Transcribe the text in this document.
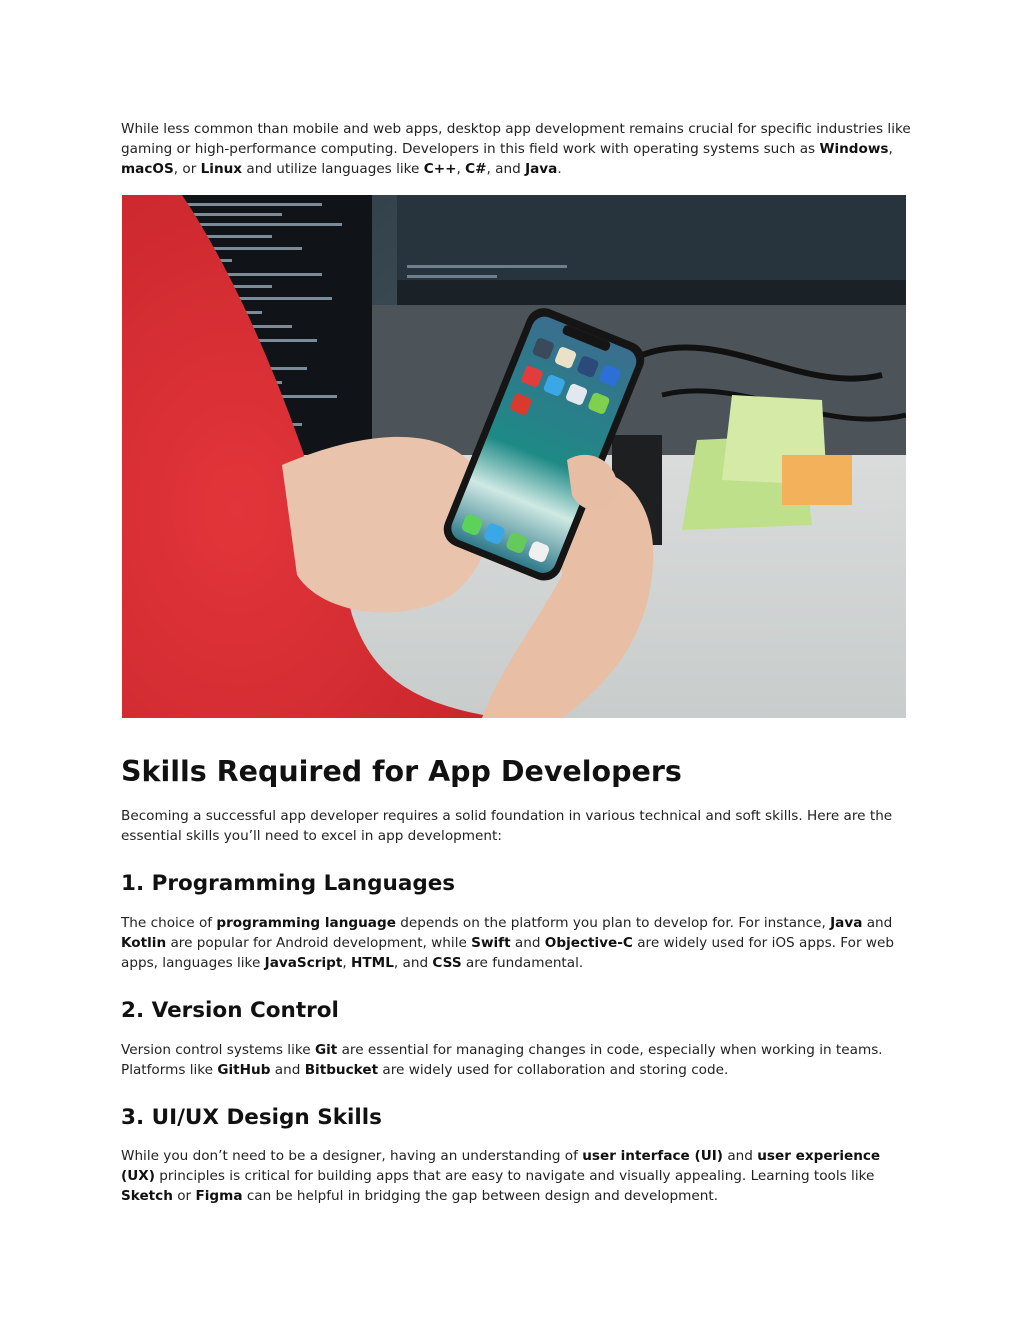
While less common than mobile and web apps, desktop app development remains crucial for specific industries like gaming or high-performance computing. Developers in this field work with operating systems such as Windows, macOS, or Linux and utilize languages like C++, C#, and Java.

Skills Required for App Developers

Becoming a successful app developer requires a solid foundation in various technical and soft skills. Here are the essential skills you’ll need to excel in app development:

1. Programming Languages

The choice of programming language depends on the platform you plan to develop for. For instance, Java and Kotlin are popular for Android development, while Swift and Objective-C are widely used for iOS apps. For web apps, languages like JavaScript, HTML, and CSS are fundamental.

2. Version Control

Version control systems like Git are essential for managing changes in code, especially when working in teams. Platforms like GitHub and Bitbucket are widely used for collaboration and storing code.

3. UI/UX Design Skills

While you don’t need to be a designer, having an understanding of user interface (UI) and user experience (UX) principles is critical for building apps that are easy to navigate and visually appealing. Learning tools like Sketch or Figma can be helpful in bridging the gap between design and development.
